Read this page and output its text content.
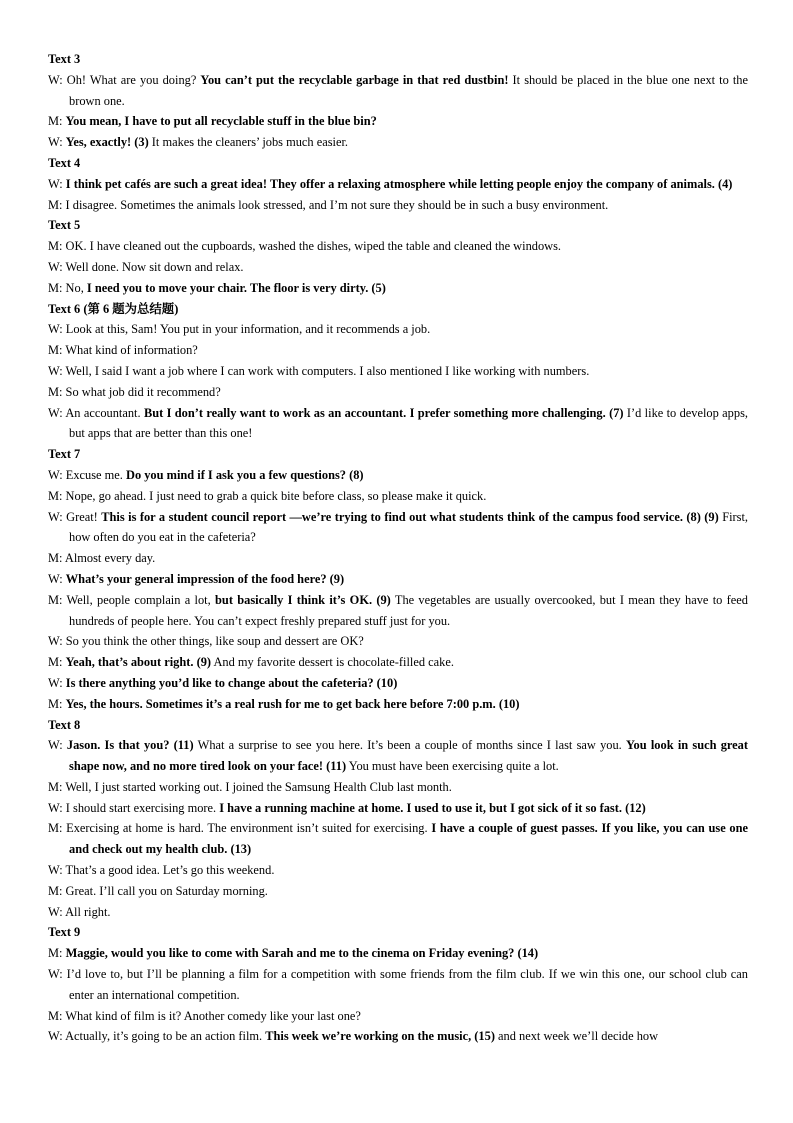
Text 3
W: Oh! What are you doing? You can’t put the recyclable garbage in that red dustbin! It should be placed in the blue one next to the brown one.
M: You mean, I have to put all recyclable stuff in the blue bin?
W: Yes, exactly! (3) It makes the cleaners’ jobs much easier.
Text 4
W: I think pet cafés are such a great idea! They offer a relaxing atmosphere while letting people enjoy the company of animals. (4)
M: I disagree. Sometimes the animals look stressed, and I’m not sure they should be in such a busy environment.
Text 5
M: OK. I have cleaned out the cupboards, washed the dishes, wiped the table and cleaned the windows.
W: Well done. Now sit down and relax.
M: No, I need you to move your chair. The floor is very dirty. (5)
Text 6 (第 6 题为总结题)
W: Look at this, Sam! You put in your information, and it recommends a job.
M: What kind of information?
W: Well, I said I want a job where I can work with computers. I also mentioned I like working with numbers.
M: So what job did it recommend?
W: An accountant. But I don’t really want to work as an accountant. I prefer something more challenging. (7) I’d like to develop apps, but apps that are better than this one!
Text 7
W: Excuse me. Do you mind if I ask you a few questions? (8)
M: Nope, go ahead. I just need to grab a quick bite before class, so please make it quick.
W: Great! This is for a student council report —we’re trying to find out what students think of the campus food service. (8) (9) First, how often do you eat in the cafeteria?
M: Almost every day.
W: What’s your general impression of the food here? (9)
M: Well, people complain a lot, but basically I think it’s OK. (9) The vegetables are usually overcooked, but I mean they have to feed hundreds of people here. You can’t expect freshly prepared stuff just for you.
W: So you think the other things, like soup and dessert are OK?
M: Yeah, that’s about right. (9) And my favorite dessert is chocolate-filled cake.
W: Is there anything you’d like to change about the cafeteria? (10)
M: Yes, the hours. Sometimes it’s a real rush for me to get back here before 7:00 p.m. (10)
Text 8
W: Jason. Is that you? (11) What a surprise to see you here. It’s been a couple of months since I last saw you. You look in such great shape now, and no more tired look on your face! (11) You must have been exercising quite a lot.
M: Well, I just started working out. I joined the Samsung Health Club last month.
W: I should start exercising more. I have a running machine at home. I used to use it, but I got sick of it so fast. (12)
M: Exercising at home is hard. The environment isn’t suited for exercising. I have a couple of guest passes. If you like, you can use one and check out my health club. (13)
W: That’s a good idea. Let’s go this weekend.
M: Great. I’ll call you on Saturday morning.
W: All right.
Text 9
M: Maggie, would you like to come with Sarah and me to the cinema on Friday evening? (14)
W: I’d love to, but I’ll be planning a film for a competition with some friends from the film club. If we win this one, our school club can enter an international competition.
M: What kind of film is it? Another comedy like your last one?
W: Actually, it’s going to be an action film. This week we’re working on the music, (15) and next week we’ll decide how
